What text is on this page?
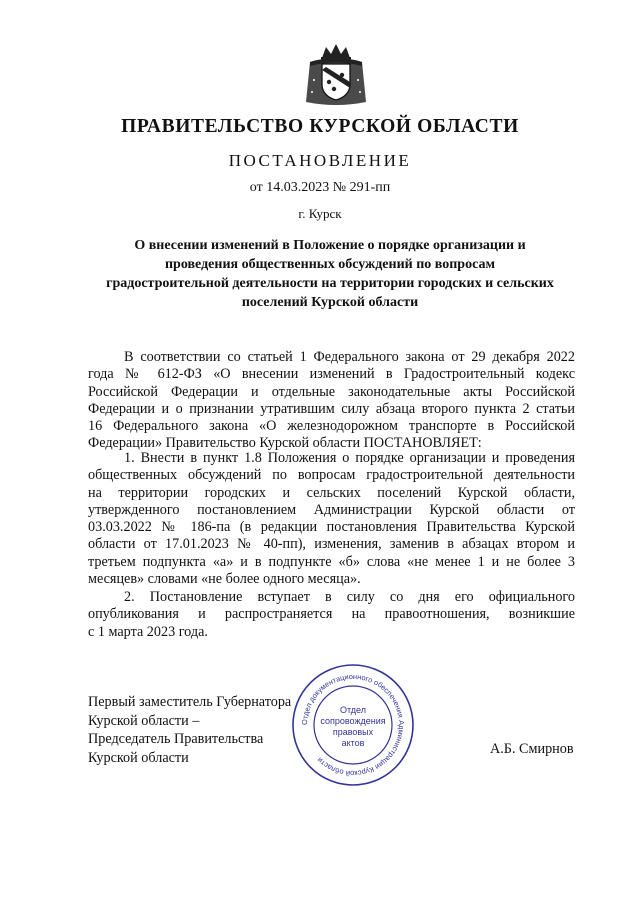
ПРАВИТЕЛЬСТВО КУРСКОЙ ОБЛАСТИ
ПОСТАНОВЛЕНИЕ
от 14.03.2023 № 291-пп
г. Курск
О внесении изменений в Положение о порядке организации и
проведения общественных обсуждений по вопросам
градостроительной деятельности на территории городских и сельских
поселений Курской области
В соответствии со статьей 1 Федерального закона от 29 декабря 2022
года № 612-ФЗ «О внесении изменений в Градостроительный кодекс
Российской Федерации и отдельные законодательные акты Российской
Федерации и о признании утратившим силу абзаца второго пункта 2 статьи
16 Федерального закона «О железнодорожном транспорте в Российской
Федерации» Правительство Курской области ПОСТАНОВЛЯЕТ:
1. Внести в пункт 1.8 Положения о порядке организации и проведения
общественных обсуждений по вопросам градостроительной деятельности
на территории городских и сельских поселений Курской области,
утвержденного постановлением Администрации Курской области от
03.03.2022 № 186-па (в редакции постановления Правительства Курской
области от 17.01.2023 № 40-пп), изменения, заменив в абзацах втором и
третьем подпункта «а» и в подпункте «б» слова «не менее 1 и не более 3
месяцев» словами «не более одного месяца».
2. Постановление вступает в силу со дня его официального
опубликования и распространяется на правоотношения, возникшие
с 1 марта 2023 года.
Первый заместитель Губернатора
Курской области –
Председатель Правительства
Курской области
А.Б. Смирнов
Отдел документационного обеспечения Администрации Курской области
Отдел
сопровождения
правовых
актов
